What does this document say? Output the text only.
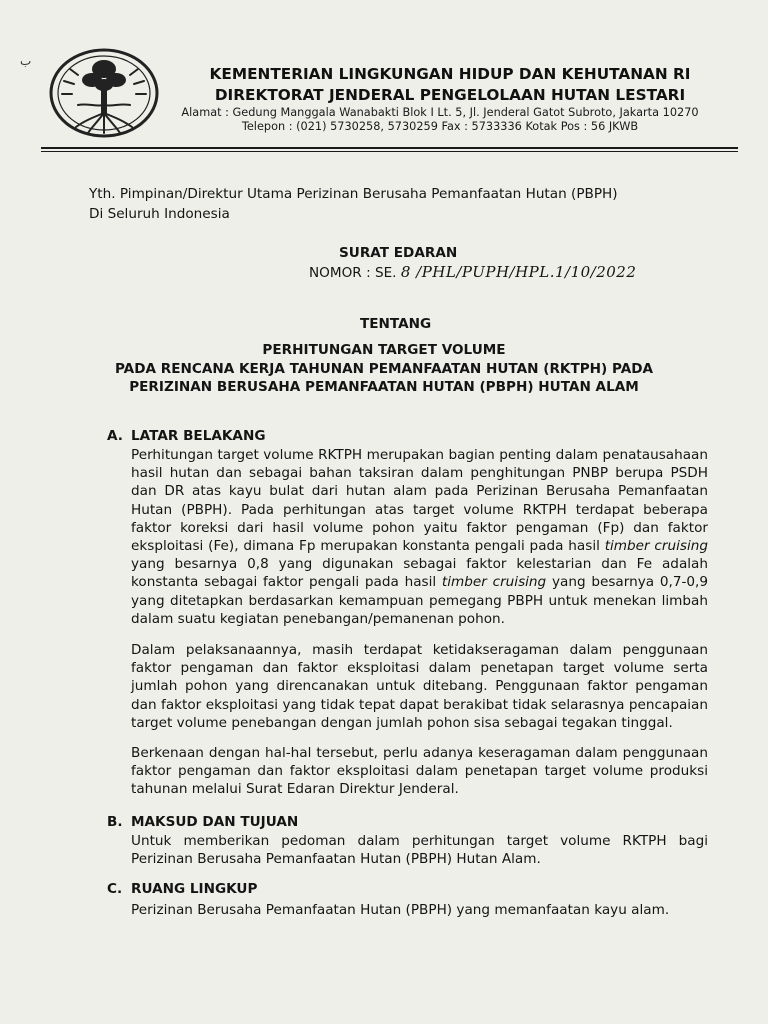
ب
KEMENTERIAN LINGKUNGAN HIDUP DAN KEHUTANAN RI
DIREKTORAT JENDERAL PENGELOLAAN HUTAN LESTARI
Alamat : Gedung Manggala Wanabakti Blok I Lt. 5, Jl. Jenderal Gatot Subroto, Jakarta 10270
Telepon : (021) 5730258, 5730259 Fax : 5733336 Kotak Pos : 56 JKWB
Yth. Pimpinan/Direktur Utama Perizinan Berusaha Pemanfaatan Hutan (PBPH)
Di Seluruh Indonesia
SURAT EDARAN
NOMOR : SE. 8 /PHL/PUPH/HPL.1/10/2022
TENTANG
PERHITUNGAN TARGET VOLUME
PADA RENCANA KERJA TAHUNAN PEMANFAATAN HUTAN (RKTPH) PADA
PERIZINAN BERUSAHA PEMANFAATAN HUTAN (PBPH) HUTAN ALAM
A. LATAR BELAKANG
Perhitungan target volume RKTPH merupakan bagian penting dalam penatausahaan hasil hutan dan sebagai bahan taksiran dalam penghitungan PNBP berupa PSDH dan DR atas kayu bulat dari hutan alam pada Perizinan Berusaha Pemanfaatan Hutan (PBPH). Pada perhitungan atas target volume RKTPH terdapat beberapa faktor koreksi dari hasil volume pohon yaitu faktor pengaman (Fp) dan faktor eksploitasi (Fe), dimana Fp merupakan konstanta pengali pada hasil timber cruising yang besarnya 0,8 yang digunakan sebagai faktor kelestarian dan Fe adalah konstanta sebagai faktor pengali pada hasil timber cruising yang besarnya 0,7-0,9 yang ditetapkan berdasarkan kemampuan pemegang PBPH untuk menekan limbah dalam suatu kegiatan penebangan/pemanenan pohon.
Dalam pelaksanaannya, masih terdapat ketidakseragaman dalam penggunaan faktor pengaman dan faktor eksploitasi dalam penetapan target volume serta jumlah pohon yang direncanakan untuk ditebang. Penggunaan faktor pengaman dan faktor eksploitasi yang tidak tepat dapat berakibat tidak selarasnya pencapaian target volume penebangan dengan jumlah pohon sisa sebagai tegakan tinggal.
Berkenaan dengan hal-hal tersebut, perlu adanya keseragaman dalam penggunaan faktor pengaman dan faktor eksploitasi dalam penetapan target volume produksi tahunan melalui Surat Edaran Direktur Jenderal.
B. MAKSUD DAN TUJUAN
Untuk memberikan pedoman dalam perhitungan target volume RKTPH bagi Perizinan Berusaha Pemanfaatan Hutan (PBPH) Hutan Alam.
C. RUANG LINGKUP
Perizinan Berusaha Pemanfaatan Hutan (PBPH) yang memanfaatan kayu alam.
